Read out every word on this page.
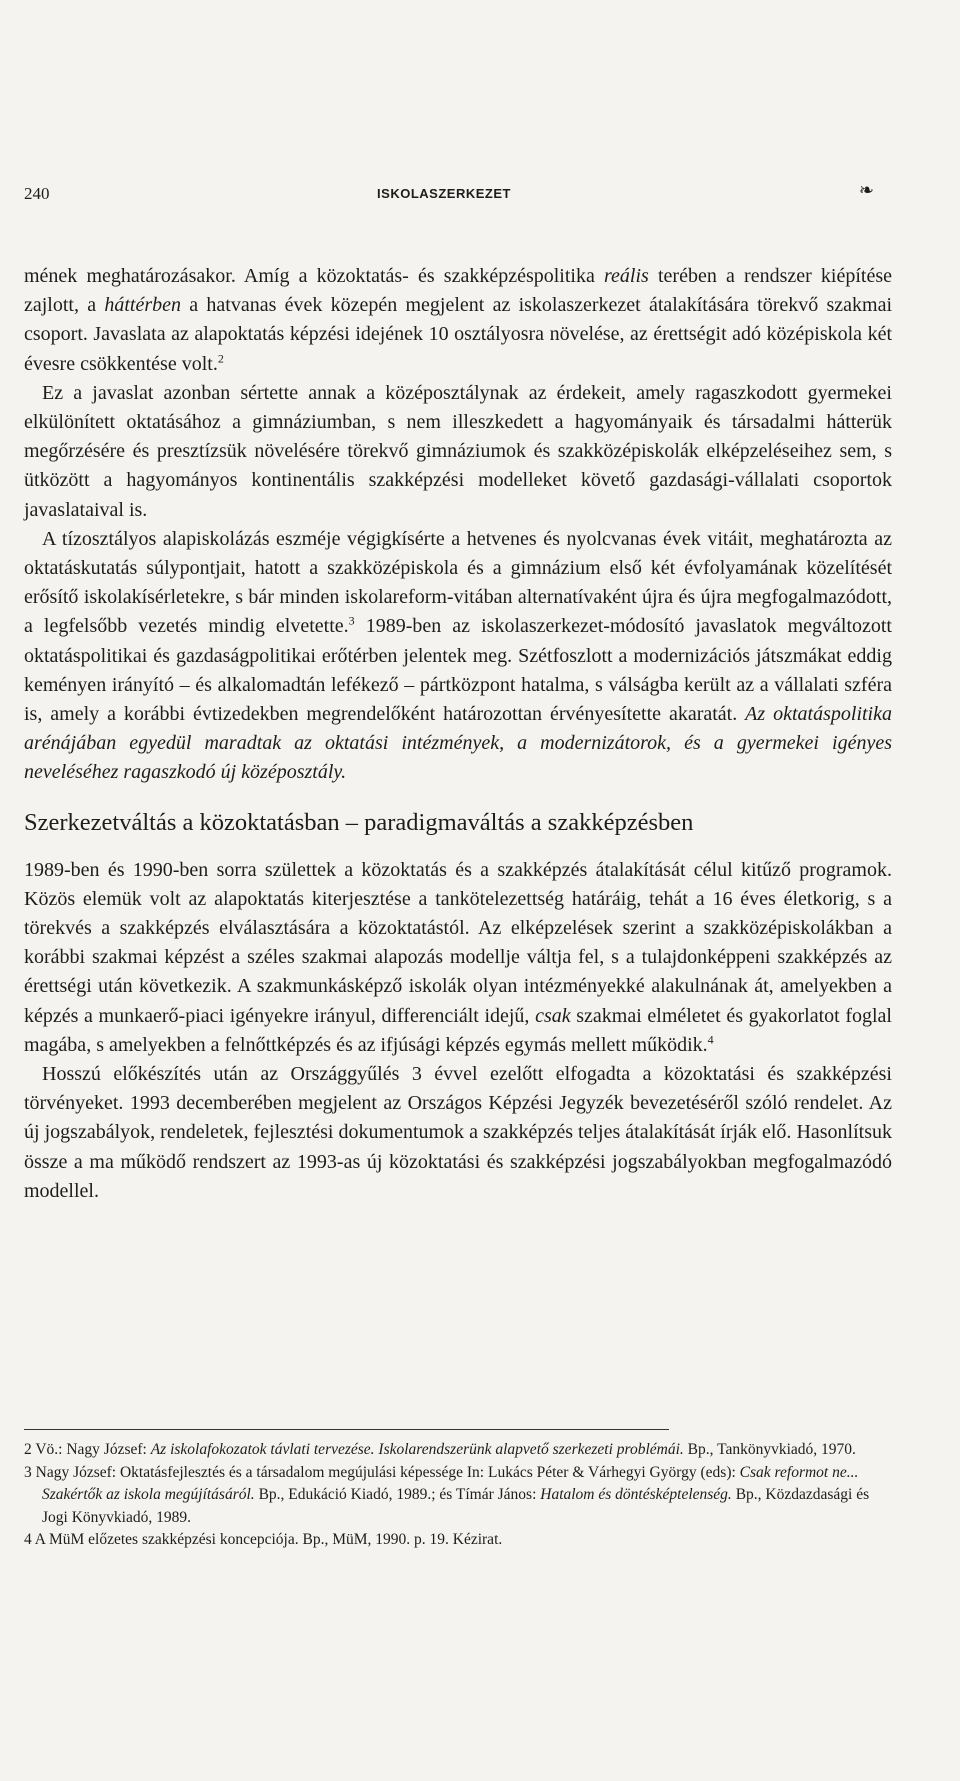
240	ISKOLASZERKEZET	❧

mének meghatározásakor. Amíg a közoktatás- és szakképzéspolitika reális terében a rendszer kiépítése zajlott, a háttérben a hatvanas évek közepén megjelent az iskolaszerkezet átalakítására törekvő szakmai csoport. Javaslata az alapoktatás képzési idejének 10 osztályosra növelése, az érettségit adó középiskola két évesre csökkentése volt.$^2$

Ez a javaslat azonban sértette annak a középosztálynak az érdekeit, amely ragaszkodott gyermekei elkülönített oktatásához a gimnáziumban, s nem illeszkedett a hagyományaik és társadalmi hátterük megőrzésére és presztízsük növelésére törekvő gimnáziumok és szakközépiskolák elképzeléseihez sem, s ütközött a hagyományos kontinentális szakképzési modelleket követő gazdasági-vállalati csoportok javaslataival is.

A tízosztályos alapiskolázás eszméje végigkísérte a hetvenes és nyolcvanas évek vitáit, meghatározta az oktatáskutatás súlypontjait, hatott a szakközépiskola és a gimnázium első két évfolyamának közelítését erősítő iskolakísérletekre, s bár minden iskolareform-vitában alternatívaként újra és újra megfogalmazódott, a legfelsőbb vezetés mindig elvetette.$^3$ 1989-ben az iskolaszerkezet-módosító javaslatok megváltozott oktatáspolitikai és gazdaságpolitikai erőtérben jelentek meg. Szétfoszlott a modernizációs játszmákat eddig keményen irányító – és alkalomadtán lefékező – pártközpont hatalma, s válságba került az a vállalati szféra is, amely a korábbi évtizedekben megrendelőként határozottan érvényesítette akaratát. Az oktatáspolitika arénájában egyedül maradtak az oktatási intézmények, a modernizátorok, és a gyermekei igényes neveléséhez ragaszkodó új középosztály.

Szerkezetváltás a közoktatásban – paradigmaváltás a szakképzésben

1989-ben és 1990-ben sorra születtek a közoktatás és a szakképzés átalakítását célul kitűző programok. Közös elemük volt az alapoktatás kiterjesztése a tankötelezettség határáig, tehát a 16 éves életkorig, s a törekvés a szakképzés elválasztására a közoktatástól. Az elképzelések szerint a szakközépiskolákban a korábbi szakmai képzést a széles szakmai alapozás modellje váltja fel, s a tulajdonképpeni szakképzés az érettségi után következik. A szakmunkásképző iskolák olyan intézményekké alakulnának át, amelyekben a képzés a munkaerő-piaci igényekre irányul, differenciált idejű, csak szakmai elméletet és gyakorlatot foglal magába, s amelyekben a felnőttképzés és az ifjúsági képzés egymás mellett működik.$^4$

Hosszú előkészítés után az Országgyűlés 3 évvel ezelőtt elfogadta a közoktatási és szakképzési törvényeket. 1993 decemberében megjelent az Országos Képzési Jegyzék bevezetéséről szóló rendelet. Az új jogszabályok, rendeletek, fejlesztési dokumentumok a szakképzés teljes átalakítását írják elő. Hasonlítsuk össze a ma működő rendszert az 1993-as új közoktatási és szakképzési jogszabályokban megfogalmazódó modellel.

2 Vö.: Nagy József: Az iskolafokozatok távlati tervezése. Iskolarendszerünk alapvető szerkezeti problémái. Bp., Tankönyvkiadó, 1970.

3 Nagy József: Oktatásfejlesztés és a társadalom megújulási képessége In: Lukács Péter & Várhegyi György (eds): Csak reformot ne... Szakértők az iskola megújításáról. Bp., Edukáció Kiadó, 1989.; és Tímár János: Hatalom és döntésképtelenség. Bp., Közdazdasági és Jogi Könyvkiadó, 1989.

4 A MüM előzetes szakképzési koncepciója. Bp., MüM, 1990. p. 19. Kézirat.
